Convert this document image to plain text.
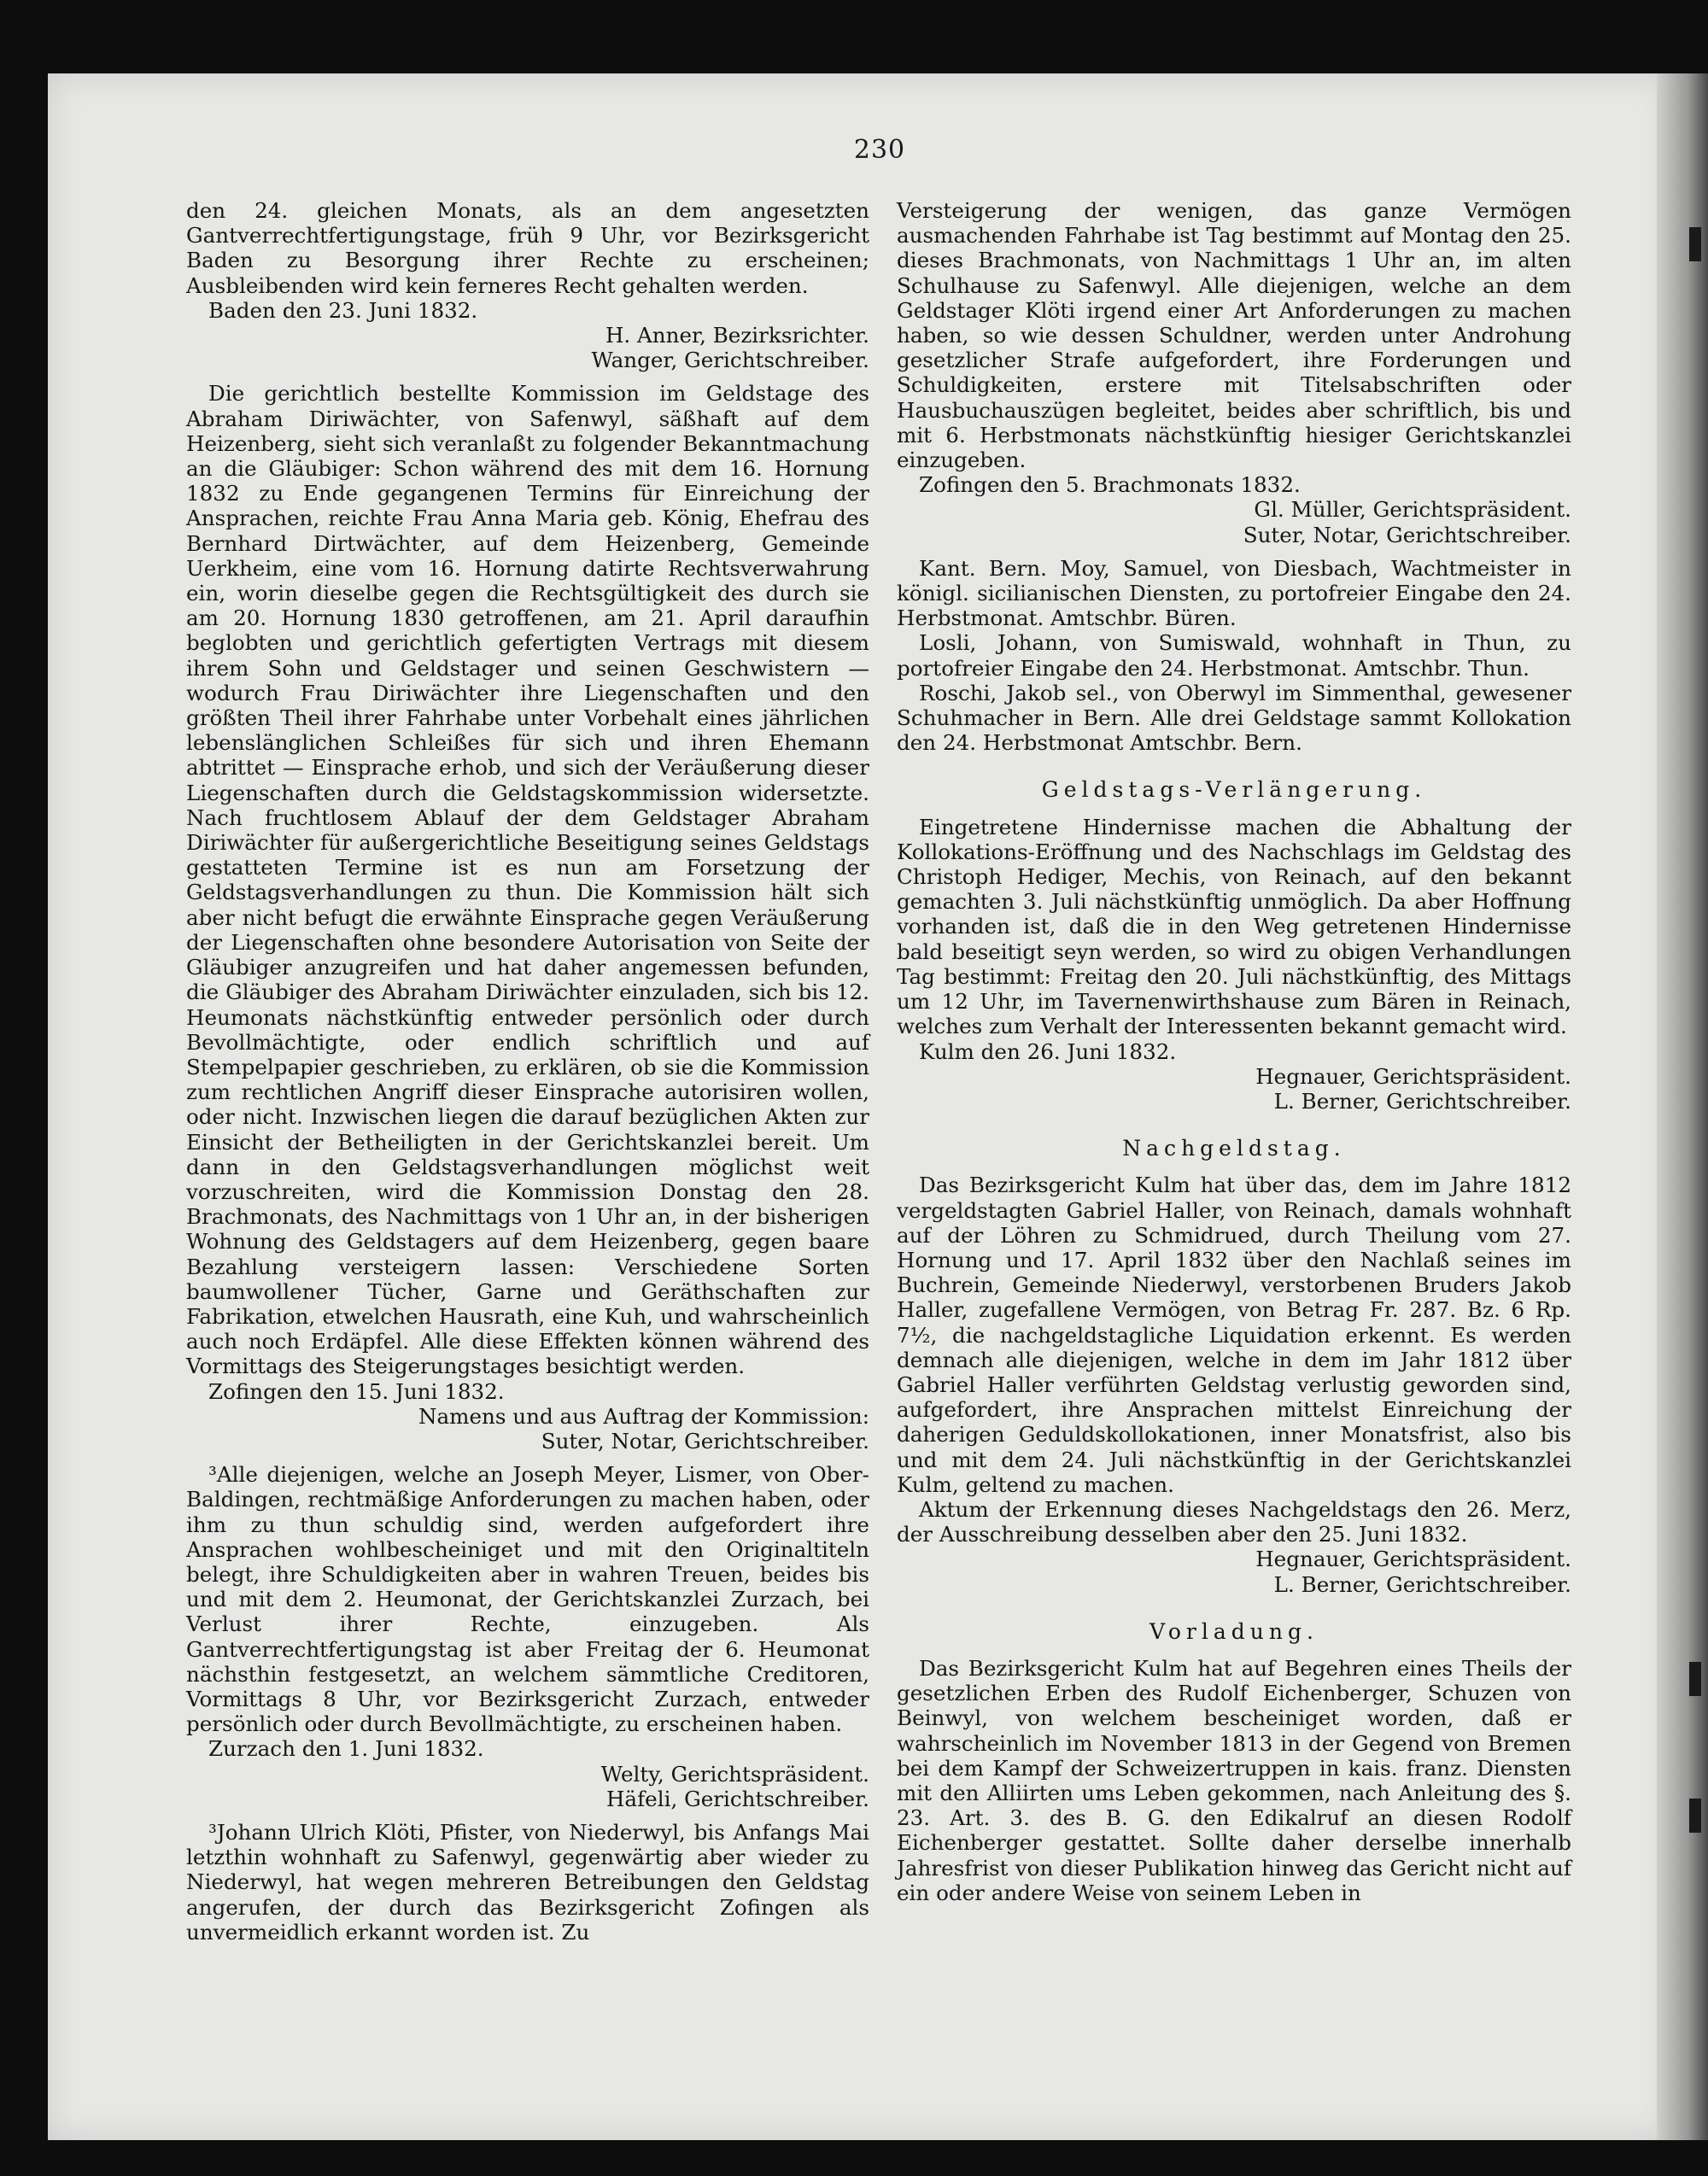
230

den 24. gleichen Monats, als an dem angesetzten Gantverrechtfertigungstage, früh 9 Uhr, vor Bezirksgericht Baden zu Besorgung ihrer Rechte zu erscheinen; Ausbleibenden wird kein ferneres Recht gehalten werden.

Baden den 23. Juni 1832.

H. Anner, Bezirksrichter.

Wanger, Gerichtschreiber.

Die gerichtlich bestellte Kommission im Geldstage des Abraham Diriwächter, von Safenwyl, säßhaft auf dem Heizenberg, sieht sich veranlaßt zu folgender Bekanntmachung an die Gläubiger: Schon während des mit dem 16. Hornung 1832 zu Ende gegangenen Termins für Einreichung der Ansprachen, reichte Frau Anna Maria geb. König, Ehefrau des Bernhard Dirtwächter, auf dem Heizenberg, Gemeinde Uerkheim, eine vom 16. Hornung datirte Rechtsverwahrung ein, worin dieselbe gegen die Rechtsgültigkeit des durch sie am 20. Hornung 1830 getroffenen, am 21. April daraufhin beglobten und gerichtlich gefertigten Vertrags mit diesem ihrem Sohn und Geldstager und seinen Geschwistern — wodurch Frau Diriwächter ihre Liegenschaften und den größten Theil ihrer Fahrhabe unter Vorbehalt eines jährlichen lebenslänglichen Schleißes für sich und ihren Ehemann abtrittet — Einsprache erhob, und sich der Veräußerung dieser Liegenschaften durch die Geldstagskommission widersetzte. Nach fruchtlosem Ablauf der dem Geldstager Abraham Diriwächter für außergerichtliche Beseitigung seines Geldstags gestatteten Termine ist es nun am Forsetzung der Geldstagsverhandlungen zu thun. Die Kommission hält sich aber nicht befugt die erwähnte Einsprache gegen Veräußerung der Liegenschaften ohne besondere Autorisation von Seite der Gläubiger anzugreifen und hat daher angemessen befunden, die Gläubiger des Abraham Diriwächter einzuladen, sich bis 12. Heumonats nächstkünftig entweder persönlich oder durch Bevollmächtigte, oder endlich schriftlich und auf Stempelpapier geschrieben, zu erklären, ob sie die Kommission zum rechtlichen Angriff dieser Einsprache autorisiren wollen, oder nicht. Inzwischen liegen die darauf bezüglichen Akten zur Einsicht der Betheiligten in der Gerichtskanzlei bereit. Um dann in den Geldstagsverhandlungen möglichst weit vorzuschreiten, wird die Kommission Donstag den 28. Brachmonats, des Nachmittags von 1 Uhr an, in der bisherigen Wohnung des Geldstagers auf dem Heizenberg, gegen baare Bezahlung versteigern lassen: Verschiedene Sorten baumwollener Tücher, Garne und Geräthschaften zur Fabrikation, etwelchen Hausrath, eine Kuh, und wahrscheinlich auch noch Erdäpfel. Alle diese Effekten können während des Vormittags des Steigerungstages besichtigt werden.

Zofingen den 15. Juni 1832.

Namens und aus Auftrag der Kommission:

Suter, Notar, Gerichtschreiber.

³Alle diejenigen, welche an Joseph Meyer, Lismer, von Ober-Baldingen, rechtmäßige Anforderungen zu machen haben, oder ihm zu thun schuldig sind, werden aufgefordert ihre Ansprachen wohlbescheiniget und mit den Originaltiteln belegt, ihre Schuldigkeiten aber in wahren Treuen, beides bis und mit dem 2. Heumonat, der Gerichtskanzlei Zurzach, bei Verlust ihrer Rechte, einzugeben. Als Gantverrechtfertigungstag ist aber Freitag der 6. Heumonat nächsthin festgesetzt, an welchem sämmtliche Creditoren, Vormittags 8 Uhr, vor Bezirksgericht Zurzach, entweder persönlich oder durch Bevollmächtigte, zu erscheinen haben.

Zurzach den 1. Juni 1832.

Welty, Gerichtspräsident.

Häfeli, Gerichtschreiber.

³Johann Ulrich Klöti, Pfister, von Niederwyl, bis Anfangs Mai letzthin wohnhaft zu Safenwyl, gegenwärtig aber wieder zu Niederwyl, hat wegen mehreren Betreibungen den Geldstag angerufen, der durch das Bezirksgericht Zofingen als unvermeidlich erkannt worden ist. Zu

Versteigerung der wenigen, das ganze Vermögen ausmachenden Fahrhabe ist Tag bestimmt auf Montag den 25. dieses Brachmonats, von Nachmittags 1 Uhr an, im alten Schulhause zu Safenwyl. Alle diejenigen, welche an dem Geldstager Klöti irgend einer Art Anforderungen zu machen haben, so wie dessen Schuldner, werden unter Androhung gesetzlicher Strafe aufgefordert, ihre Forderungen und Schuldigkeiten, erstere mit Titelsabschriften oder Hausbuchauszügen begleitet, beides aber schriftlich, bis und mit 6. Herbstmonats nächstkünftig hiesiger Gerichtskanzlei einzugeben.

Zofingen den 5. Brachmonats 1832.

Gl. Müller, Gerichtspräsident.

Suter, Notar, Gerichtschreiber.

Kant. Bern. Moy, Samuel, von Diesbach, Wachtmeister in königl. sicilianischen Diensten, zu portofreier Eingabe den 24. Herbstmonat. Amtschbr. Büren.

Losli, Johann, von Sumiswald, wohnhaft in Thun, zu portofreier Eingabe den 24. Herbstmonat. Amtschbr. Thun.

Roschi, Jakob sel., von Oberwyl im Simmenthal, gewesener Schuhmacher in Bern. Alle drei Geldstage sammt Kollokation den 24. Herbstmonat Amtschbr. Bern.

Geldstags-Verlängerung.

Eingetretene Hindernisse machen die Abhaltung der Kollokations-Eröffnung und des Nachschlags im Geldstag des Christoph Hediger, Mechis, von Reinach, auf den bekannt gemachten 3. Juli nächstkünftig unmöglich. Da aber Hoffnung vorhanden ist, daß die in den Weg getretenen Hindernisse bald beseitigt seyn werden, so wird zu obigen Verhandlungen Tag bestimmt: Freitag den 20. Juli nächstkünftig, des Mittags um 12 Uhr, im Tavernenwirthshause zum Bären in Reinach, welches zum Verhalt der Interessenten bekannt gemacht wird.

Kulm den 26. Juni 1832.

Hegnauer, Gerichtspräsident.

L. Berner, Gerichtschreiber.

Nachgeldstag.

Das Bezirksgericht Kulm hat über das, dem im Jahre 1812 vergeldstagten Gabriel Haller, von Reinach, damals wohnhaft auf der Löhren zu Schmidrued, durch Theilung vom 27. Hornung und 17. April 1832 über den Nachlaß seines im Buchrein, Gemeinde Niederwyl, verstorbenen Bruders Jakob Haller, zugefallene Vermögen, von Betrag Fr. 287. Bz. 6 Rp. 7½, die nachgeldstagliche Liquidation erkennt. Es werden demnach alle diejenigen, welche in dem im Jahr 1812 über Gabriel Haller verführten Geldstag verlustig geworden sind, aufgefordert, ihre Ansprachen mittelst Einreichung der daherigen Geduldskollokationen, inner Monatsfrist, also bis und mit dem 24. Juli nächstkünftig in der Gerichtskanzlei Kulm, geltend zu machen.

Aktum der Erkennung dieses Nachgeldstags den 26. Merz, der Ausschreibung desselben aber den 25. Juni 1832.

Hegnauer, Gerichtspräsident.

L. Berner, Gerichtschreiber.

Vorladung.

Das Bezirksgericht Kulm hat auf Begehren eines Theils der gesetzlichen Erben des Rudolf Eichenberger, Schuzen von Beinwyl, von welchem bescheiniget worden, daß er wahrscheinlich im November 1813 in der Gegend von Bremen bei dem Kampf der Schweizertruppen in kais. franz. Diensten mit den Alliirten ums Leben gekommen, nach Anleitung des §. 23. Art. 3. des B. G. den Edikalruf an diesen Rodolf Eichenberger gestattet. Sollte daher derselbe innerhalb Jahresfrist von dieser Publikation hinweg das Gericht nicht auf ein oder andere Weise von seinem Leben in
